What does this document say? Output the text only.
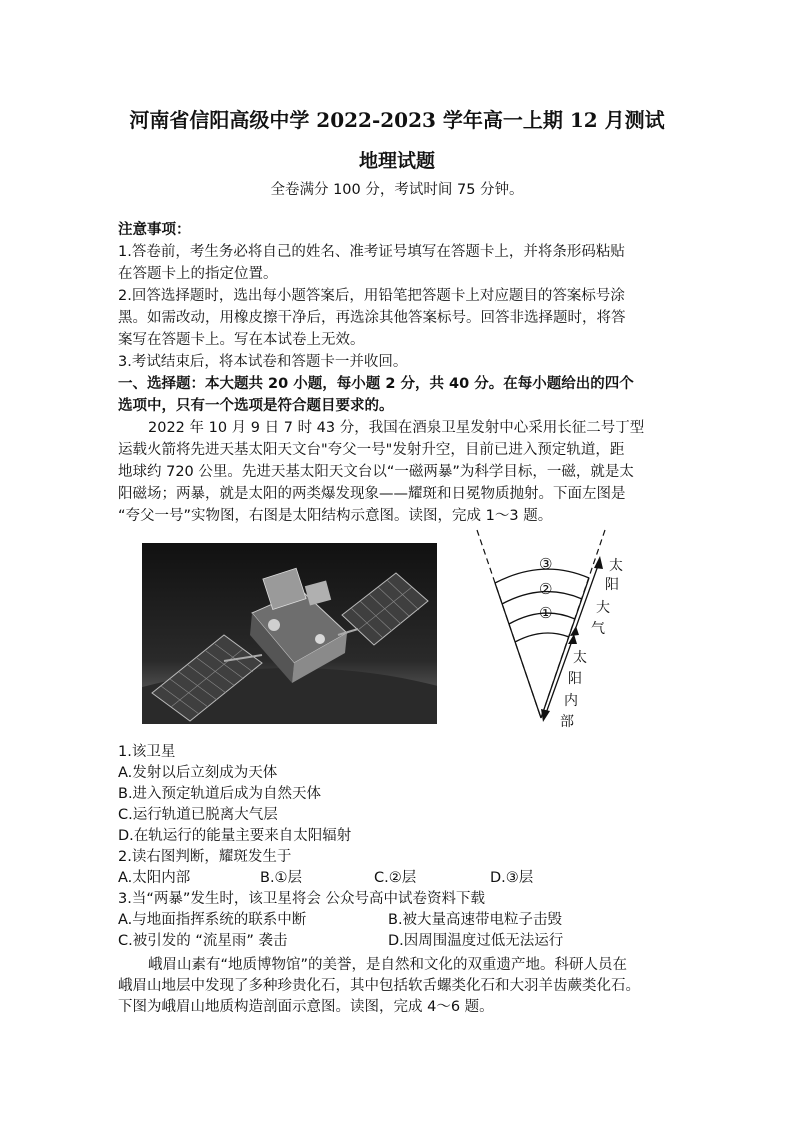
河南省信阳高级中学 2022-2023 学年高一上期 12 月测试
地理试题
全卷满分 100 分，考试时间 75 分钟。
注意事项：
1.答卷前，考生务必将自己的姓名、准考证号填写在答题卡上，并将条形码粘贴
在答题卡上的指定位置。
2.回答选择题时，选出每小题答案后，用铅笔把答题卡上对应题目的答案标号涂
黑。如需改动，用橡皮擦干净后，再选涂其他答案标号。回答非选择题时，将答
案写在答题卡上。写在本试卷上无效。
3.考试结束后，将本试卷和答题卡一并收回。
一、选择题：本大题共 20 小题，每小题 2 分，共 40 分。在每小题给出的四个
选项中，只有一个选项是符合题目要求的。
2022 年 10 月 9 日 7 时 43 分，我国在酒泉卫星发射中心采用长征二号丁型
运载火箭将先进天基太阳天文台"夸父一号"发射升空，目前已进入预定轨道，距
地球约 720 公里。先进天基太阳天文台以“一磁两暴”为科学目标，一磁，就是太
阳磁场；两暴，就是太阳的两类爆发现象——耀斑和日冕物质抛射。下面左图是
“夸父一号”实物图，右图是太阳结构示意图。读图，完成 1～3 题。
③
②
①
太
阳
大
气
太
阳
内
部
1.该卫星
A.发射以后立刻成为天体
B.进入预定轨道后成为自然天体
C.运行轨道已脱离大气层
D.在轨运行的能量主要来自太阳辐射
2.读右图判断，耀斑发生于
A.太阳内部	B.①层	C.②层	D.③层
3.当“两暴”发生时，该卫星将会 公众号高中试卷资料下载
A.与地面指挥系统的联系中断	B.被大量高速带电粒子击毁
C.被引发的 “流星雨” 袭击	D.因周围温度过低无法运行
峨眉山素有“地质博物馆”的美誉，是自然和文化的双重遗产地。科研人员在
峨眉山地层中发现了多种珍贵化石，其中包括软舌螺类化石和大羽羊齿蕨类化石。
下图为峨眉山地质构造剖面示意图。读图，完成 4～6 题。
